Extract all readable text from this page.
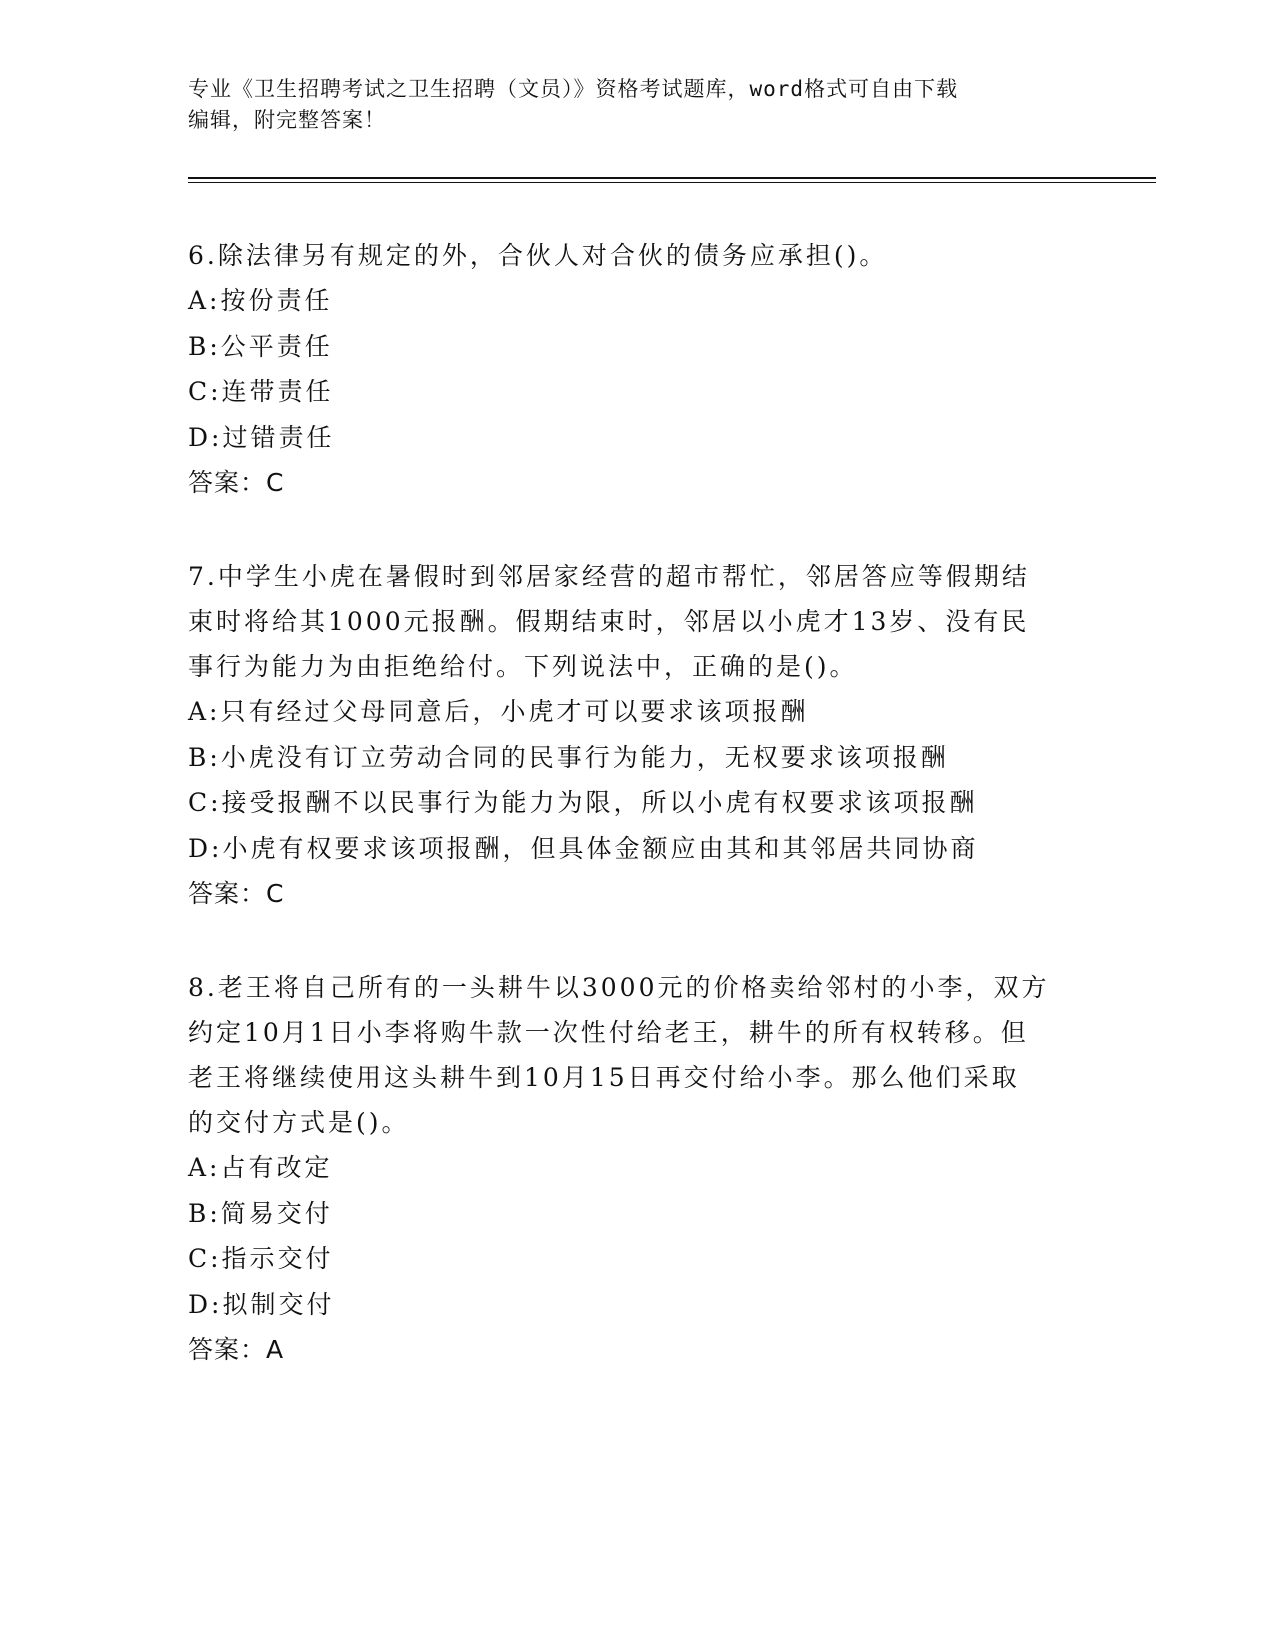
专业《卫生招聘考试之卫生招聘（文员）》资格考试题库，word格式可自由下载
编辑，附完整答案！

6.除法律另有规定的外，合伙人对合伙的债务应承担()。

A:按份责任

B:公平责任

C:连带责任

D:过错责任

答案：C

7.中学生小虎在暑假时到邻居家经营的超市帮忙，邻居答应等假期结

束时将给其1000元报酬。假期结束时，邻居以小虎才13岁、没有民

事行为能力为由拒绝给付。下列说法中，正确的是()。

A:只有经过父母同意后，小虎才可以要求该项报酬

B:小虎没有订立劳动合同的民事行为能力，无权要求该项报酬

C:接受报酬不以民事行为能力为限，所以小虎有权要求该项报酬

D:小虎有权要求该项报酬，但具体金额应由其和其邻居共同协商

答案：C

8.老王将自己所有的一头耕牛以3000元的价格卖给邻村的小李，双方

约定10月1日小李将购牛款一次性付给老王，耕牛的所有权转移。但

老王将继续使用这头耕牛到10月15日再交付给小李。那么他们采取

的交付方式是()。

A:占有改定

B:简易交付

C:指示交付

D:拟制交付

答案：A
